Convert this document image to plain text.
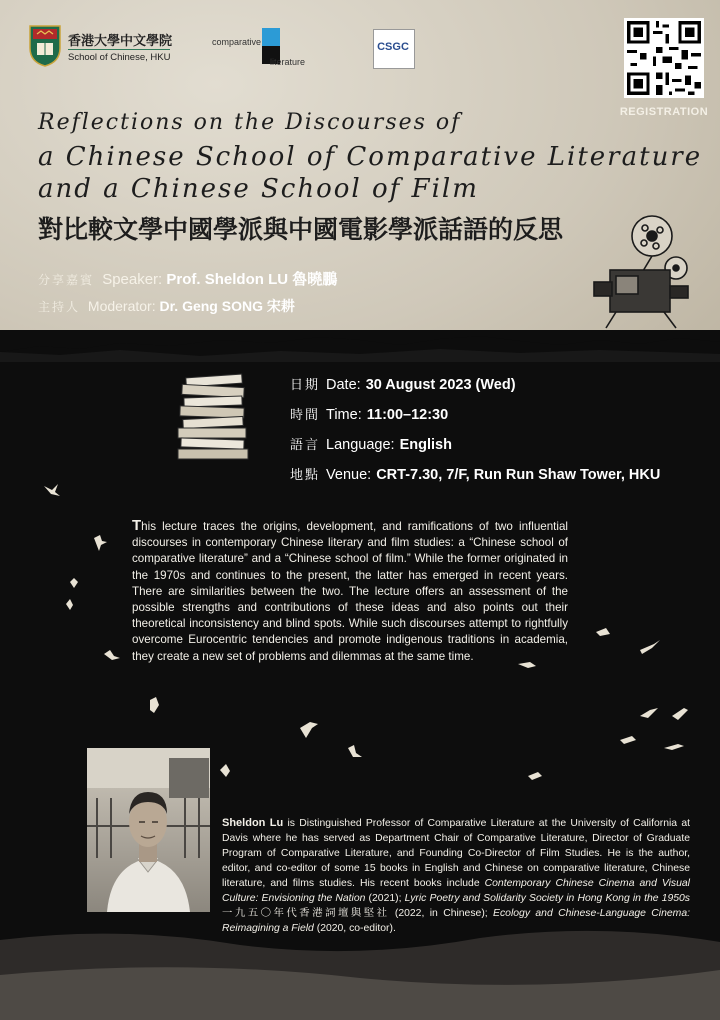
香港大學中文學院
School of Chinese, HKU
comparative
literature
CSGC
REGISTRATION
Reflections on the Discourses of
a Chinese School of Comparative Literature
and a Chinese School of Film
對比較文學中國學派與中國電影學派話語的反思
分享嘉賓 Speaker: Prof. Sheldon LU 魯曉鵬
主持人 Moderator: Dr. Geng SONG 宋耕
日期 Date: 30 August 2023 (Wed)
時間 Time: 11:00–12:30
語言 Language: English
地點 Venue: CRT-7.30, 7/F, Run Run Shaw Tower, HKU
This lecture traces the origins, development, and ramifications of two influential discourses in contemporary Chinese literary and film studies: a “Chinese school of comparative literature” and a “Chinese school of film.” While the former originated in the 1970s and continues to the present, the latter has emerged in recent years. There are similarities between the two. The lecture offers an assessment of the possible strengths and contributions of these ideas and also points out their theoretical inconsistency and blind spots. While such discourses attempt to rightfully overcome Eurocentric tendencies and promote indigenous traditions in academia, they create a new set of problems and dilemmas at the same time.
Sheldon Lu is Distinguished Professor of Comparative Literature at the University of California at Davis where he has served as Department Chair of Comparative Literature, Director of Graduate Program of Comparative Literature, and Founding Co-Director of Film Studies. He is the author, editor, and co-editor of some 15 books in English and Chinese on comparative literature, Chinese literature, and films studies. His recent books include Contemporary Chinese Cinema and Visual Culture: Envisioning the Nation (2021); Lyric Poetry and Solidarity Society in Hong Kong in the 1950s 一九五〇年代香港詞壇與堅社 (2022, in Chinese); Ecology and Chinese-Language Cinema: Reimagining a Field (2020, co-editor).
